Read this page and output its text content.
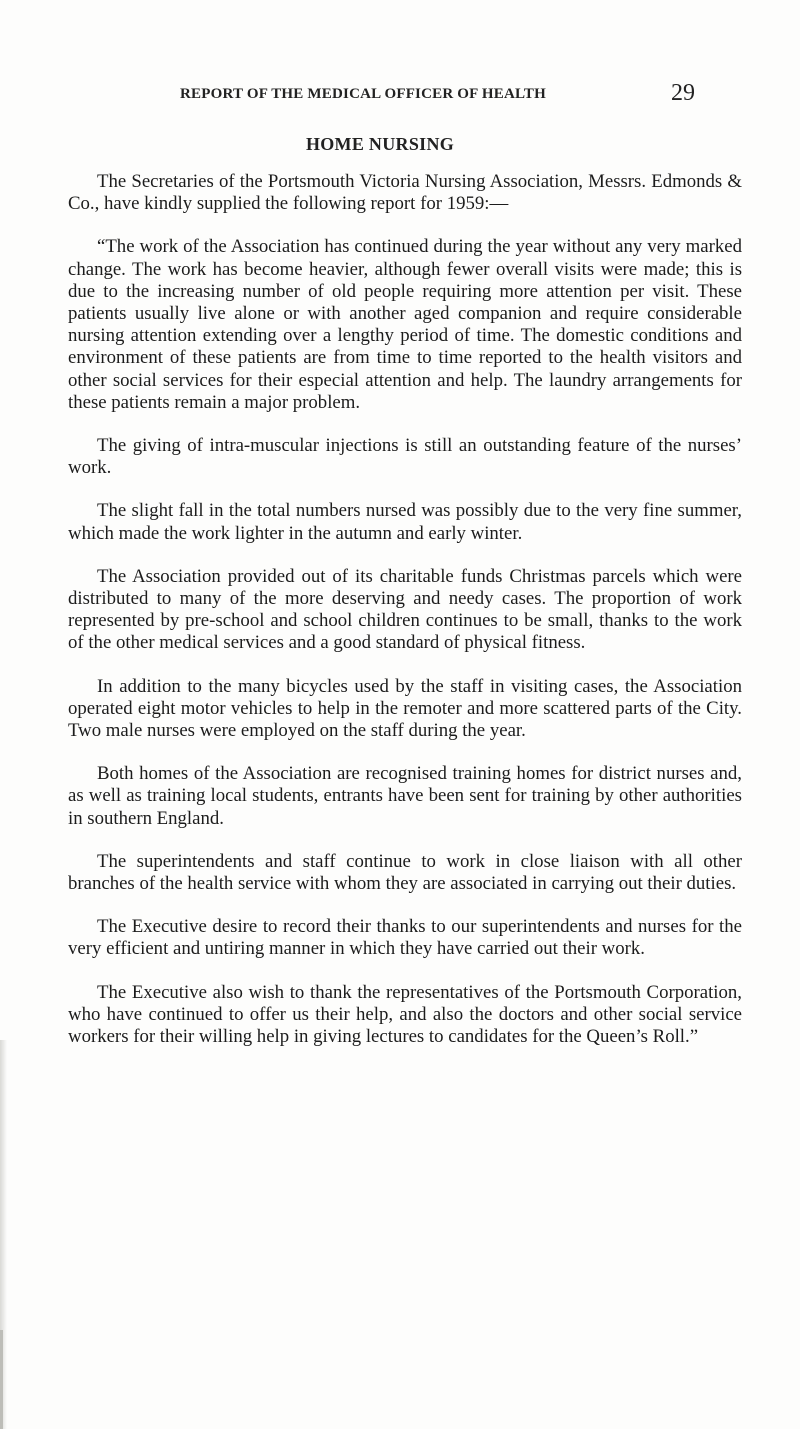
REPORT OF THE MEDICAL OFFICER OF HEALTH	29
HOME NURSING

The Secretaries of the Portsmouth Victoria Nursing Association, Messrs. Edmonds & Co., have kindly supplied the following report for 1959:—

“The work of the Association has continued during the year without any very marked change. The work has become heavier, although fewer overall visits were made; this is due to the increasing number of old people requiring more attention per visit. These patients usually live alone or with another aged companion and require considerable nursing attention extending over a lengthy period of time. The domestic conditions and environment of these patients are from time to time reported to the health visitors and other social services for their especial attention and help. The laundry arrangements for these patients remain a major problem.

The giving of intra-muscular injections is still an outstanding feature of the nurses’ work.

The slight fall in the total numbers nursed was possibly due to the very fine summer, which made the work lighter in the autumn and early winter.

The Association provided out of its charitable funds Christmas parcels which were distributed to many of the more deserving and needy cases. The proportion of work represented by pre-school and school children continues to be small, thanks to the work of the other medical services and a good standard of physical fitness.

In addition to the many bicycles used by the staff in visiting cases, the Association operated eight motor vehicles to help in the remoter and more scattered parts of the City. Two male nurses were employed on the staff during the year.

Both homes of the Association are recognised training homes for district nurses and, as well as training local students, entrants have been sent for training by other authorities in southern England.

The superintendents and staff continue to work in close liaison with all other branches of the health service with whom they are associated in carrying out their duties.

The Executive desire to record their thanks to our superintendents and nurses for the very efficient and untiring manner in which they have carried out their work.

The Executive also wish to thank the representatives of the Portsmouth Corporation, who have continued to offer us their help, and also the doctors and other social service workers for their willing help in giving lectures to candidates for the Queen’s Roll.”
